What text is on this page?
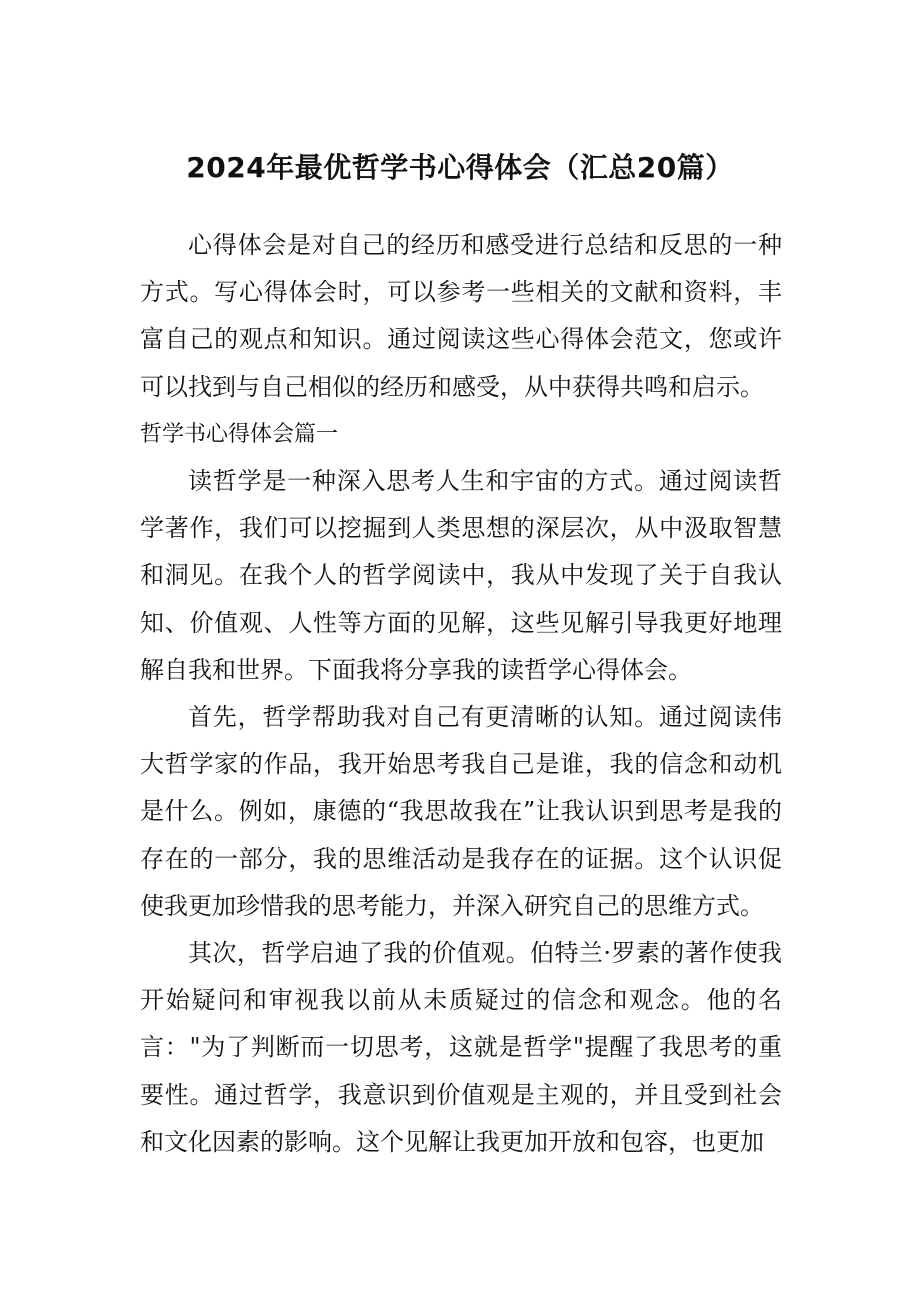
2024年最优哲学书心得体会（汇总20篇）

心得体会是对自己的经历和感受进行总结和反思的一种方式。写心得体会时，可以参考一些相关的文献和资料，丰富自己的观点和知识。通过阅读这些心得体会范文，您或许可以找到与自己相似的经历和感受，从中获得共鸣和启示。

哲学书心得体会篇一

读哲学是一种深入思考人生和宇宙的方式。通过阅读哲学著作，我们可以挖掘到人类思想的深层次，从中汲取智慧和洞见。在我个人的哲学阅读中，我从中发现了关于自我认知、价值观、人性等方面的见解，这些见解引导我更好地理解自我和世界。下面我将分享我的读哲学心得体会。

首先，哲学帮助我对自己有更清晰的认知。通过阅读伟大哲学家的作品，我开始思考我自己是谁，我的信念和动机是什么。例如，康德的“我思故我在”让我认识到思考是我的存在的一部分，我的思维活动是我存在的证据。这个认识促使我更加珍惜我的思考能力，并深入研究自己的思维方式。

其次，哲学启迪了我的价值观。伯特兰·罗素的著作使我开始疑问和审视我以前从未质疑过的信念和观念。他的名言："为了判断而一切思考，这就是哲学"提醒了我思考的重要性。通过哲学，我意识到价值观是主观的，并且受到社会和文化因素的影响。这个见解让我更加开放和包容，也更加
